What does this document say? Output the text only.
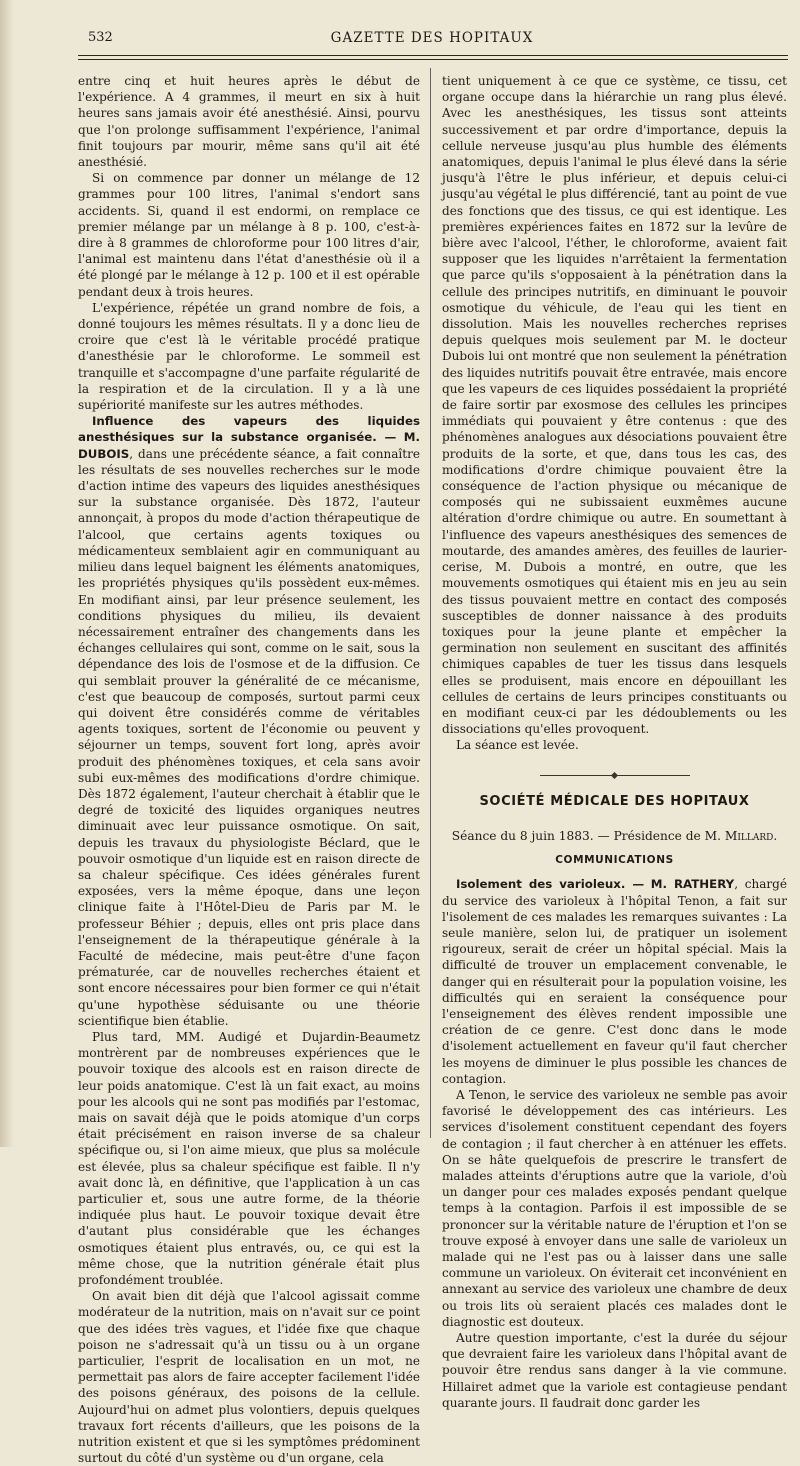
532	GAZETTE DES HOPITAUX

entre cinq et huit heures après le début de l'expérience. A 4 grammes, il meurt en six à huit heures sans jamais avoir été anesthésié. Ainsi, pourvu que l'on prolonge suffisamment l'expérience, l'animal finit toujours par mourir, même sans qu'il ait été anesthésié.

Si on commence par donner un mélange de 12 grammes pour 100 litres, l'animal s'endort sans accidents. Si, quand il est endormi, on remplace ce premier mélange par un mélange à 8 p. 100, c'est-à-dire à 8 grammes de chloroforme pour 100 litres d'air, l'animal est maintenu dans l'état d'anesthésie où il a été plongé par le mélange à 12 p. 100 et il est opérable pendant deux à trois heures.

L'expérience, répétée un grand nombre de fois, a donné toujours les mêmes résultats. Il y a donc lieu de croire que c'est là le véritable procédé pratique d'anesthésie par le chloroforme. Le sommeil est tranquille et s'accompagne d'une parfaite régularité de la respiration et de la circulation. Il y a là une supériorité manifeste sur les autres méthodes.

Influence des vapeurs des liquides anesthésiques sur la substance organisée. — M. DUBOIS, dans une précédente séance, a fait connaître les résultats de ses nouvelles recherches sur le mode d'action intime des vapeurs des liquides anesthésiques sur la substance organisée. Dès 1872, l'auteur annonçait, à propos du mode d'action thérapeutique de l'alcool, que certains agents toxiques ou médicamenteux semblaient agir en communiquant au milieu dans lequel baignent les éléments anatomiques, les propriétés physiques qu'ils possèdent eux-mêmes. En modifiant ainsi, par leur présence seulement, les conditions physiques du milieu, ils devaient nécessairement entraîner des changements dans les échanges cellulaires qui sont, comme on le sait, sous la dépendance des lois de l'osmose et de la diffusion. Ce qui semblait prouver la généralité de ce mécanisme, c'est que beaucoup de composés, surtout parmi ceux qui doivent être considérés comme de véritables agents toxiques, sortent de l'économie ou peuvent y séjourner un temps, souvent fort long, après avoir produit des phénomènes toxiques, et cela sans avoir subi eux-mêmes des modifications d'ordre chimique. Dès 1872 également, l'auteur cherchait à établir que le degré de toxicité des liquides organiques neutres diminuait avec leur puissance osmotique. On sait, depuis les travaux du physiologiste Béclard, que le pouvoir osmotique d'un liquide est en raison directe de sa chaleur spécifique. Ces idées générales furent exposées, vers la même époque, dans une leçon clinique faite à l'Hôtel-Dieu de Paris par M. le professeur Béhier ; depuis, elles ont pris place dans l'enseignement de la thérapeutique générale à la Faculté de médecine, mais peut-être d'une façon prématurée, car de nouvelles recherches étaient et sont encore nécessaires pour bien former ce qui n'était qu'une hypothèse séduisante ou une théorie scientifique bien établie.

Plus tard, MM. Audigé et Dujardin-Beaumetz montrèrent par de nombreuses expériences que le pouvoir toxique des alcools est en raison directe de leur poids anatomique. C'est là un fait exact, au moins pour les alcools qui ne sont pas modifiés par l'estomac, mais on savait déjà que le poids atomique d'un corps était précisément en raison inverse de sa chaleur spécifique ou, si l'on aime mieux, que plus sa molécule est élevée, plus sa chaleur spécifique est faible. Il n'y avait donc là, en définitive, que l'application à un cas particulier et, sous une autre forme, de la théorie indiquée plus haut. Le pouvoir toxique devait être d'autant plus considérable que les échanges osmotiques étaient plus entravés, ou, ce qui est la même chose, que la nutrition générale était plus profondément troublée.

On avait bien dit déjà que l'alcool agissait comme modérateur de la nutrition, mais on n'avait sur ce point que des idées très vagues, et l'idée fixe que chaque poison ne s'adressait qu'à un tissu ou à un organe particulier, l'esprit de localisation en un mot, ne permettait pas alors de faire accepter facilement l'idée des poisons généraux, des poisons de la cellule. Aujourd'hui on admet plus volontiers, depuis quelques travaux fort récents d'ailleurs, que les poisons de la nutrition existent et que si les symptômes prédominent surtout du côté d'un système ou d'un organe, cela

tient uniquement à ce que ce système, ce tissu, cet organe occupe dans la hiérarchie un rang plus élevé. Avec les anesthésiques, les tissus sont atteints successivement et par ordre d'importance, depuis la cellule nerveuse jusqu'au plus humble des éléments anatomiques, depuis l'animal le plus élevé dans la série jusqu'à l'être le plus inférieur, et depuis celui-ci jusqu'au végétal le plus différencié, tant au point de vue des fonctions que des tissus, ce qui est identique. Les premières expériences faites en 1872 sur la levûre de bière avec l'alcool, l'éther, le chloroforme, avaient fait supposer que les liquides n'arrêtaient la fermentation que parce qu'ils s'opposaient à la pénétration dans la cellule des principes nutritifs, en diminuant le pouvoir osmotique du véhicule, de l'eau qui les tient en dissolution. Mais les nouvelles recherches reprises depuis quelques mois seulement par M. le docteur Dubois lui ont montré que non seulement la pénétration des liquides nutritifs pouvait être entravée, mais encore que les vapeurs de ces liquides possédaient la propriété de faire sortir par exosmose des cellules les principes immédiats qui pouvaient y être contenus : que des phénomènes analogues aux désociations pouvaient être produits de la sorte, et que, dans tous les cas, des modifications d'ordre chimique pouvaient être la conséquence de l'action physique ou mécanique de composés qui ne subissaient euxmêmes aucune altération d'ordre chimique ou autre. En soumettant à l'influence des vapeurs anesthésiques des semences de moutarde, des amandes amères, des feuilles de laurier-cerise, M. Dubois a montré, en outre, que les mouvements osmotiques qui étaient mis en jeu au sein des tissus pouvaient mettre en contact des composés susceptibles de donner naissance à des produits toxiques pour la jeune plante et empêcher la germination non seulement en suscitant des affinités chimiques capables de tuer les tissus dans lesquels elles se produisent, mais encore en dépouillant les cellules de certains de leurs principes constituants ou en modifiant ceux-ci par les dédoublements ou les dissociations qu'elles provoquent.

La séance est levée.

SOCIÉTÉ MÉDICALE DES HOPITAUX
Séance du 8 juin 1883. — Présidence de M. Millard.
COMMUNICATIONS

Isolement des varioleux. — M. RATHERY, chargé du service des varioleux à l'hôpital Tenon, a fait sur l'isolement de ces malades les remarques suivantes : La seule manière, selon lui, de pratiquer un isolement rigoureux, serait de créer un hôpital spécial. Mais la difficulté de trouver un emplacement convenable, le danger qui en résulterait pour la population voisine, les difficultés qui en seraient la conséquence pour l'enseignement des élèves rendent impossible une création de ce genre. C'est donc dans le mode d'isolement actuellement en faveur qu'il faut chercher les moyens de diminuer le plus possible les chances de contagion.

A Tenon, le service des varioleux ne semble pas avoir favorisé le développement des cas intérieurs. Les services d'isolement constituent cependant des foyers de contagion ; il faut chercher à en atténuer les effets. On se hâte quelquefois de prescrire le transfert de malades atteints d'éruptions autre que la variole, d'où un danger pour ces malades exposés pendant quelque temps à la contagion. Parfois il est impossible de se prononcer sur la véritable nature de l'éruption et l'on se trouve exposé à envoyer dans une salle de varioleux un malade qui ne l'est pas ou à laisser dans une salle commune un varioleux. On éviterait cet inconvénient en annexant au service des varioleux une chambre de deux ou trois lits où seraient placés ces malades dont le diagnostic est douteux.

Autre question importante, c'est la durée du séjour que devraient faire les varioleux dans l'hôpital avant de pouvoir être rendus sans danger à la vie commune. Hillairet admet que la variole est contagieuse pendant quarante jours. Il faudrait donc garder les
